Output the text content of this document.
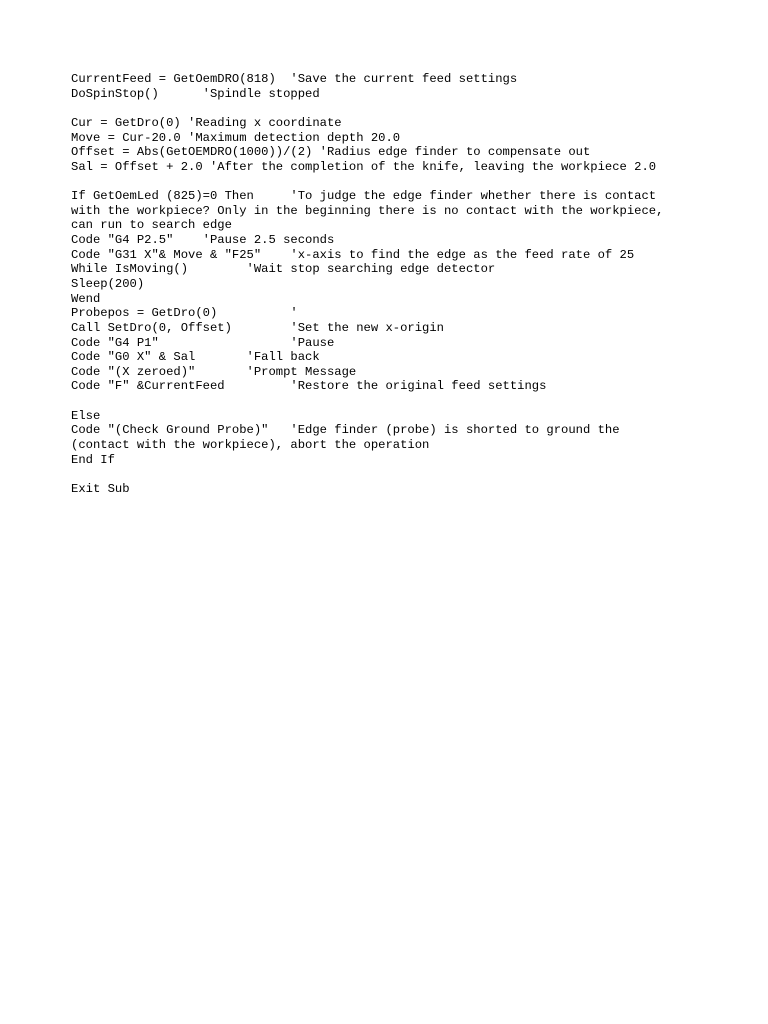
CurrentFeed = GetOemDRO(818)  'Save the current feed settings
DoSpinStop()      'Spindle stopped
Cur = GetDro(0) 'Reading x coordinate
Move = Cur-20.0 'Maximum detection depth 20.0
Offset = Abs(GetOEMDRO(1000))/(2) 'Radius edge finder to compensate out
Sal = Offset + 2.0 'After the completion of the knife, leaving the workpiece 2.0
If GetOemLed (825)=0 Then     'To judge the edge finder whether there is contact
with the workpiece? Only in the beginning there is no contact with the workpiece,
can run to search edge
Code "G4 P2.5"    'Pause 2.5 seconds
Code "G31 X"& Move & "F25"    'x-axis to find the edge as the feed rate of 25
While IsMoving()        'Wait stop searching edge detector
Sleep(200)
Wend
Probepos = GetDro(0)          '
Call SetDro(0, Offset)        'Set the new x-origin
Code "G4 P1"                  'Pause
Code "G0 X" & Sal       'Fall back
Code "(X zeroed)"       'Prompt Message
Code "F" &CurrentFeed         'Restore the original feed settings
Else
Code "(Check Ground Probe)"   'Edge finder (probe) is shorted to ground the
(contact with the workpiece), abort the operation
End If
Exit Sub
